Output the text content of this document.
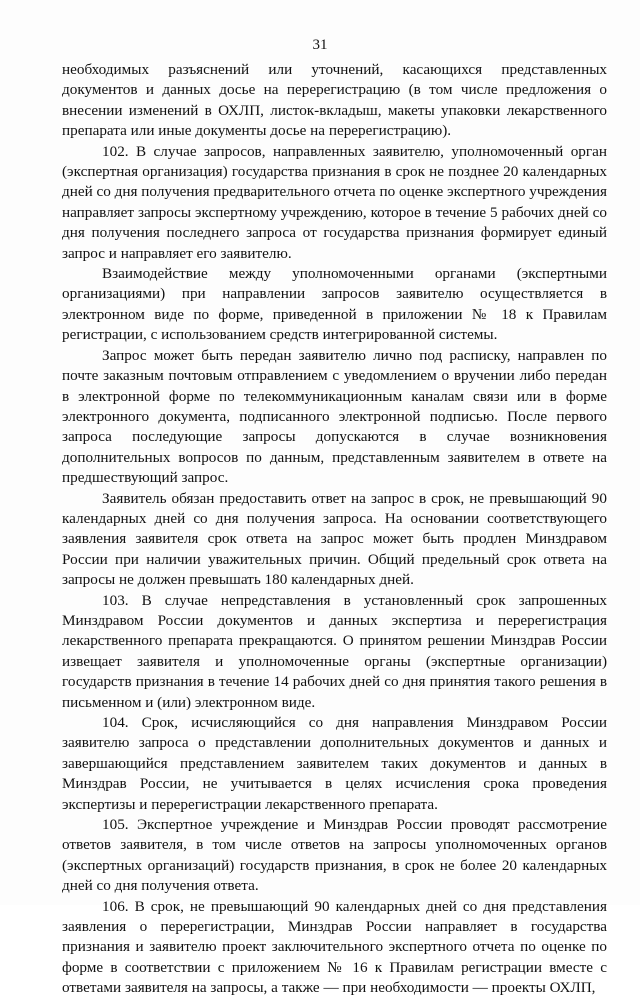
31

необходимых разъяснений или уточнений, касающихся представленных документов и данных досье на перерегистрацию (в том числе предложения о внесении изменений в ОХЛП, листок-вкладыш, макеты упаковки лекарственного препарата или иные документы досье на перерегистрацию).

102. В случае запросов, направленных заявителю, уполномоченный орган (экспертная организация) государства признания в срок не позднее 20 календарных дней со дня получения предварительного отчета по оценке экспертного учреждения направляет запросы экспертному учреждению, которое в течение 5 рабочих дней со дня получения последнего запроса от государства признания формирует единый запрос и направляет его заявителю.

Взаимодействие между уполномоченными органами (экспертными организациями) при направлении запросов заявителю осуществляется в электронном виде по форме, приведенной в приложении № 18 к Правилам регистрации, с использованием средств интегрированной системы.

Запрос может быть передан заявителю лично под расписку, направлен по почте заказным почтовым отправлением с уведомлением о вручении либо передан в электронной форме по телекоммуникационным каналам связи или в форме электронного документа, подписанного электронной подписью. После первого запроса последующие запросы допускаются в случае возникновения дополнительных вопросов по данным, представленным заявителем в ответе на предшествующий запрос.

Заявитель обязан предоставить ответ на запрос в срок, не превышающий 90 календарных дней со дня получения запроса. На основании соответствующего заявления заявителя срок ответа на запрос может быть продлен Минздравом России при наличии уважительных причин. Общий предельный срок ответа на запросы не должен превышать 180 календарных дней.

103. В случае непредставления в установленный срок запрошенных Минздравом России документов и данных экспертиза и перерегистрация лекарственного препарата прекращаются. О принятом решении Минздрав России извещает заявителя и уполномоченные органы (экспертные организации) государств признания в течение 14 рабочих дней со дня принятия такого решения в письменном и (или) электронном виде.

104. Срок, исчисляющийся со дня направления Минздравом России заявителю запроса о представлении дополнительных документов и данных и завершающийся представлением заявителем таких документов и данных в Минздрав России, не учитывается в целях исчисления срока проведения экспертизы и перерегистрации лекарственного препарата.

105. Экспертное учреждение и Минздрав России проводят рассмотрение ответов заявителя, в том числе ответов на запросы уполномоченных органов (экспертных организаций) государств признания, в срок не более 20 календарных дней со дня получения ответа.

106. В срок, не превышающий 90 календарных дней со дня представления заявления о перерегистрации, Минздрав России направляет в государства признания и заявителю проект заключительного экспертного отчета по оценке по форме в соответствии с приложением № 16 к Правилам регистрации вместе с ответами заявителя на запросы, а также — при необходимости — проекты ОХЛП,
